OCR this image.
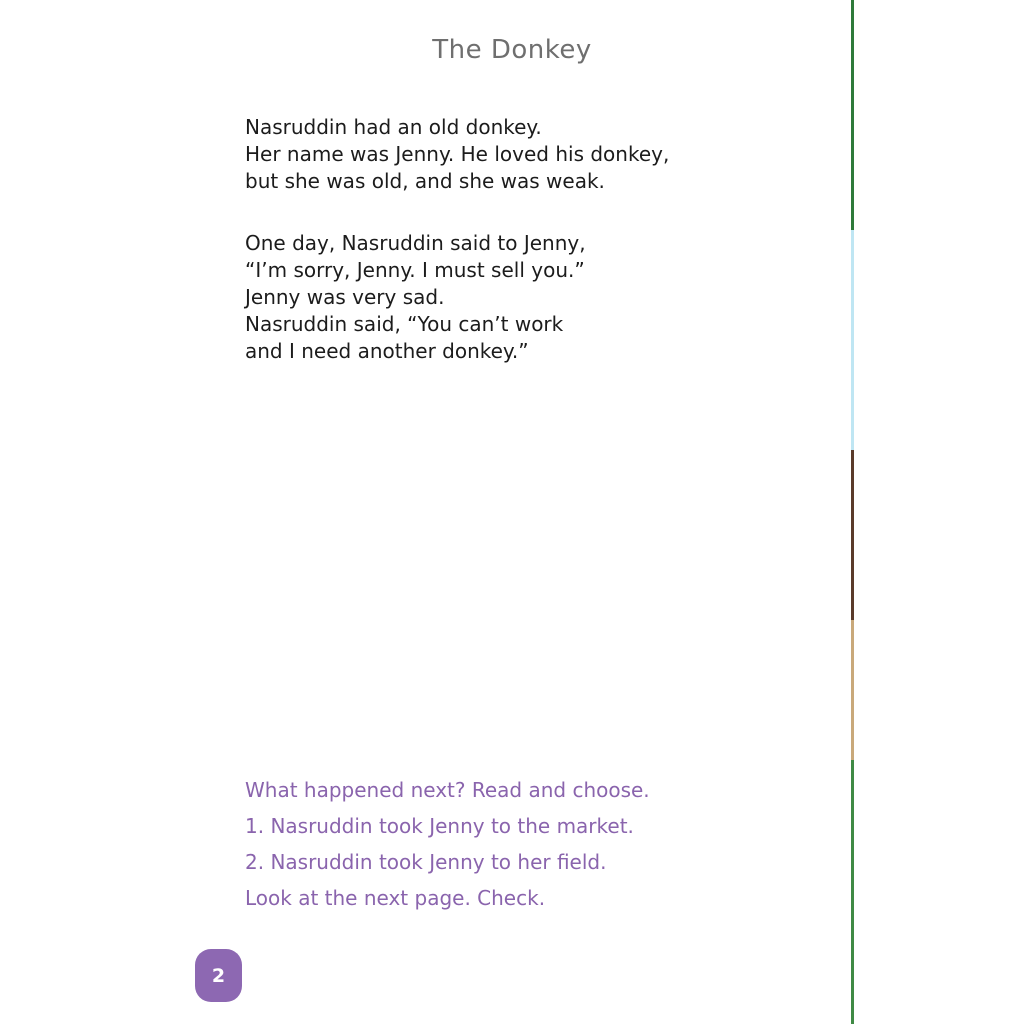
The Donkey
Nasruddin had an old donkey.
Her name was Jenny. He loved his donkey,
but she was old, and she was weak.
One day, Nasruddin said to Jenny,
“I’m sorry, Jenny. I must sell you.”
Jenny was very sad.
Nasruddin said, “You can’t work
and I need another donkey.”
What happened next? Read and choose.
1. Nasruddin took Jenny to the market.
2. Nasruddin took Jenny to her field.
Look at the next page. Check.
2
